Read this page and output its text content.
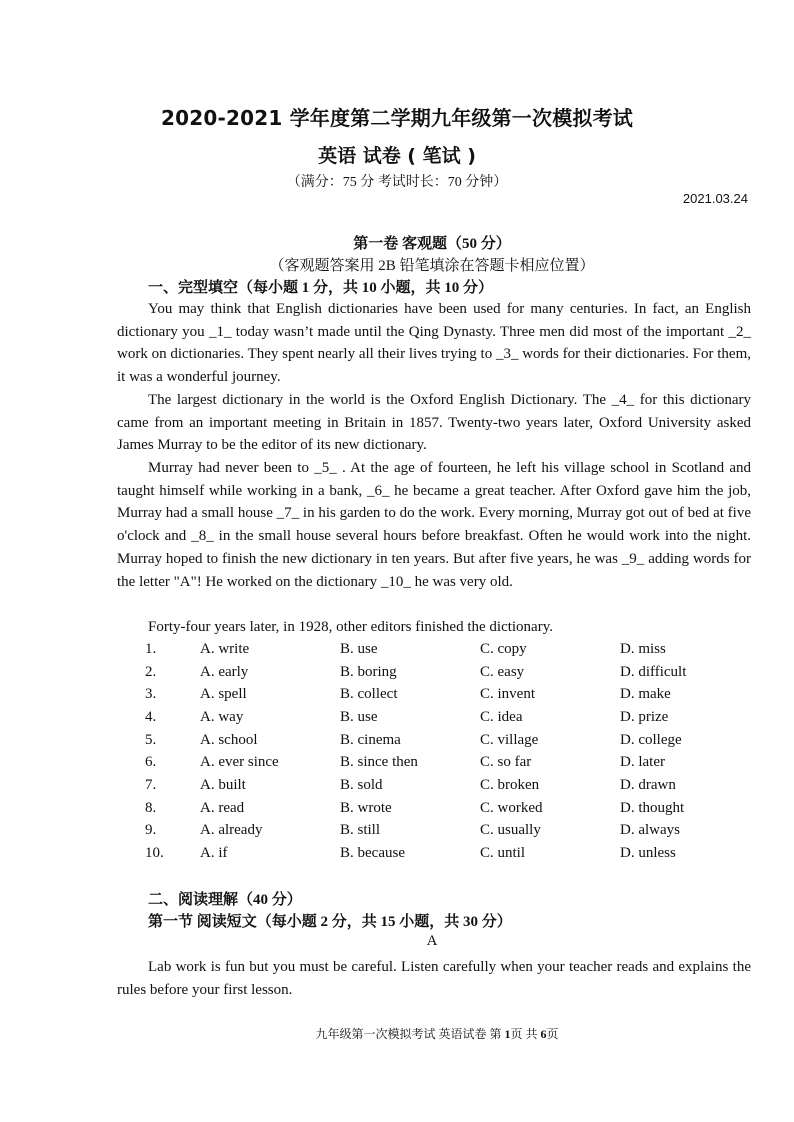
2020-2021 学年度第二学期九年级第一次模拟考试
英语 试卷 ( 笔试 )
（满分：75 分 考试时长：70 分钟）
2021.03.24
第一卷 客观题（50 分）
（客观题答案用 2B 铅笔填涂在答题卡相应位置）
一、完型填空（每小题 1 分，共 10 小题，共 10 分）
You may think that English dictionaries have been used for many centuries. In fact, an English dictionary you _1_ today wasn’t made until the Qing Dynasty. Three men did most of the important _2_ work on dictionaries. They spent nearly all their lives trying to _3_ words for their dictionaries. For them, it was a wonderful journey.
The largest dictionary in the world is the Oxford English Dictionary. The _4_ for this dictionary came from an important meeting in Britain in 1857. Twenty-two years later, Oxford University asked James Murray to be the editor of its new dictionary.
Murray had never been to _5_ . At the age of fourteen, he left his village school in Scotland and taught himself while working in a bank, _6_ he became a great teacher. After Oxford gave him the job, Murray had a small house _7_ in his garden to do the work. Every morning, Murray got out of bed at five o'clock and _8_ in the small house several hours before breakfast. Often he would work into the night. Murray hoped to finish the new dictionary in ten years. But after five years, he was _9_ adding words for the letter "A"! He worked on the dictionary _10_ he was very old.
Forty-four years later, in 1928, other editors finished the dictionary.
1.	A. write	B. use	C. copy	D. miss
2.	A. early	B. boring	C. easy	D. difficult
3.	A. spell	B. collect	C. invent	D. make
4.	A. way	B. use	C. idea	D. prize
5.	A. school	B. cinema	C. village	D. college
6.	A. ever since	B. since then	C. so far	D. later
7.	A. built	B. sold	C. broken	D. drawn
8.	A. read	B. wrote	C. worked	D. thought
9.	A. already	B. still	C. usually	D. always
10.	A. if	B. because	C. until	D. unless
二、阅读理解（40 分）
第一节 阅读短文（每小题 2 分，共 15 小题，共 30 分）
A
Lab work is fun but you must be careful. Listen carefully when your teacher reads and explains the rules before your first lesson.
九年级第一次模拟考试 英语试卷 第 1页 共 6页
